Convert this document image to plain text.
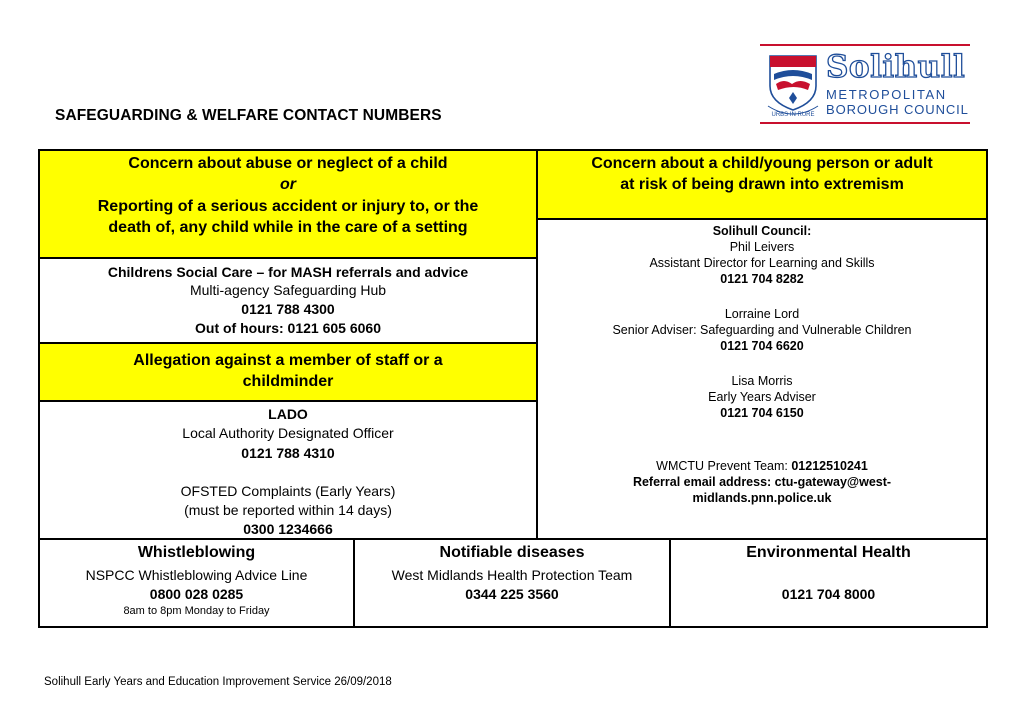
SAFEGUARDING & WELFARE CONTACT NUMBERS	URBS IN RURE
Solihull
METROPOLITAN
BOROUGH COUNCIL
Concern about abuse or neglect of a child
or
Reporting of a serious accident or injury to, or the
death of, any child while in the care of a setting
Childrens Social Care – for MASH referrals and advice
Multi-agency Safeguarding Hub
0121 788 4300
Out of hours: 0121 605 6060
Allegation against a member of staff or a
childminder
LADO
Local Authority Designated Officer
0121 788 4310
OFSTED Complaints (Early Years)
(must be reported within 14 days)
0300 1234666
Concern about a child/young person or adult
at risk of being drawn into extremism
Solihull Council:
Phil Leivers
Assistant Director for Learning and Skills
0121 704 8282
Lorraine Lord
Senior Adviser: Safeguarding and Vulnerable Children
0121 704 6620
Lisa Morris
Early Years Adviser
0121 704 6150
WMCTU Prevent Team: 01212510241
Referral email address: ctu-gateway@west-
midlands.pnn.police.uk
Whistleblowing
NSPCC Whistleblowing Advice Line
0800 028 0285
8am to 8pm Monday to Friday
Notifiable diseases
West Midlands Health Protection Team
0344 225 3560
Environmental Health
0121 704 8000
Solihull Early Years and Education Improvement Service 26/09/2018
